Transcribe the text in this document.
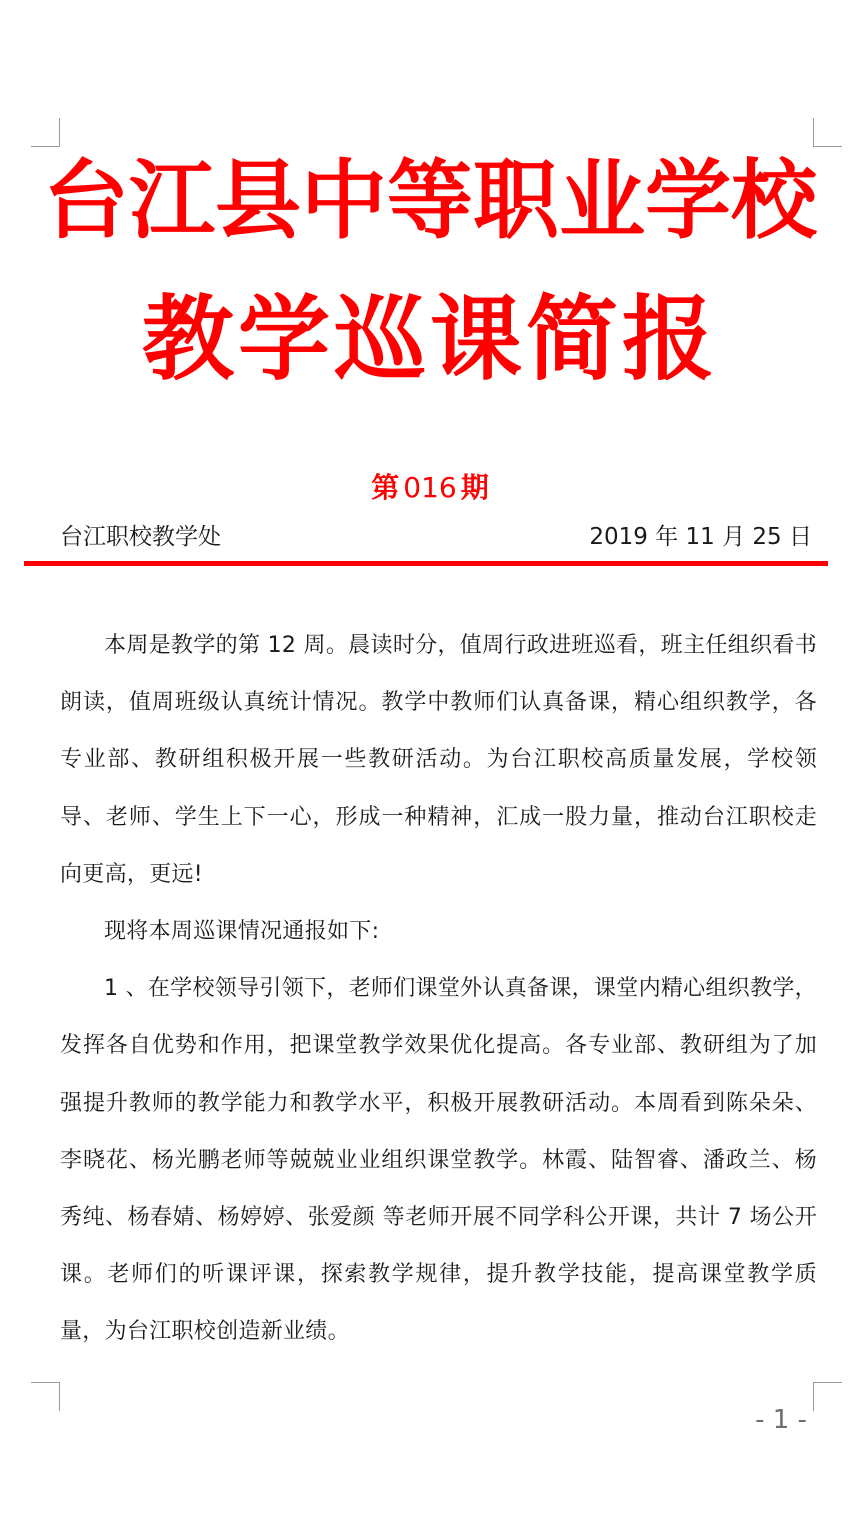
台江县中等职业学校
教学巡课简报
第 016 期
台江职校教学处	2019 年 11 月 25 日

本周是教学的第 12 周。晨读时分，值周行政进班巡看，班主任组织看书朗读，值周班级认真统计情况。教学中教师们认真备课，精心组织教学，各专业部、教研组积极开展一些教研活动。为台江职校高质量发展，学校领导、老师、学生上下一心，形成一种精神，汇成一股力量，推动台江职校走向更高，更远!

现将本周巡课情况通报如下:

1 、在学校领导引领下，老师们课堂外认真备课，课堂内精心组织教学，发挥各自优势和作用，把课堂教学效果优化提高。各专业部、教研组为了加强提升教师的教学能力和教学水平，积极开展教研活动。本周看到陈朵朵、李晓花、杨光鹏老师等兢兢业业组织课堂教学。林霞、陆智睿、潘政兰、杨秀纯、杨春婧、杨婷婷、张爱颜 等老师开展不同学科公开课，共计 7 场公开课。老师们的听课评课，探索教学规律，提升教学技能，提高课堂教学质量，为台江职校创造新业绩。

- 1 -
